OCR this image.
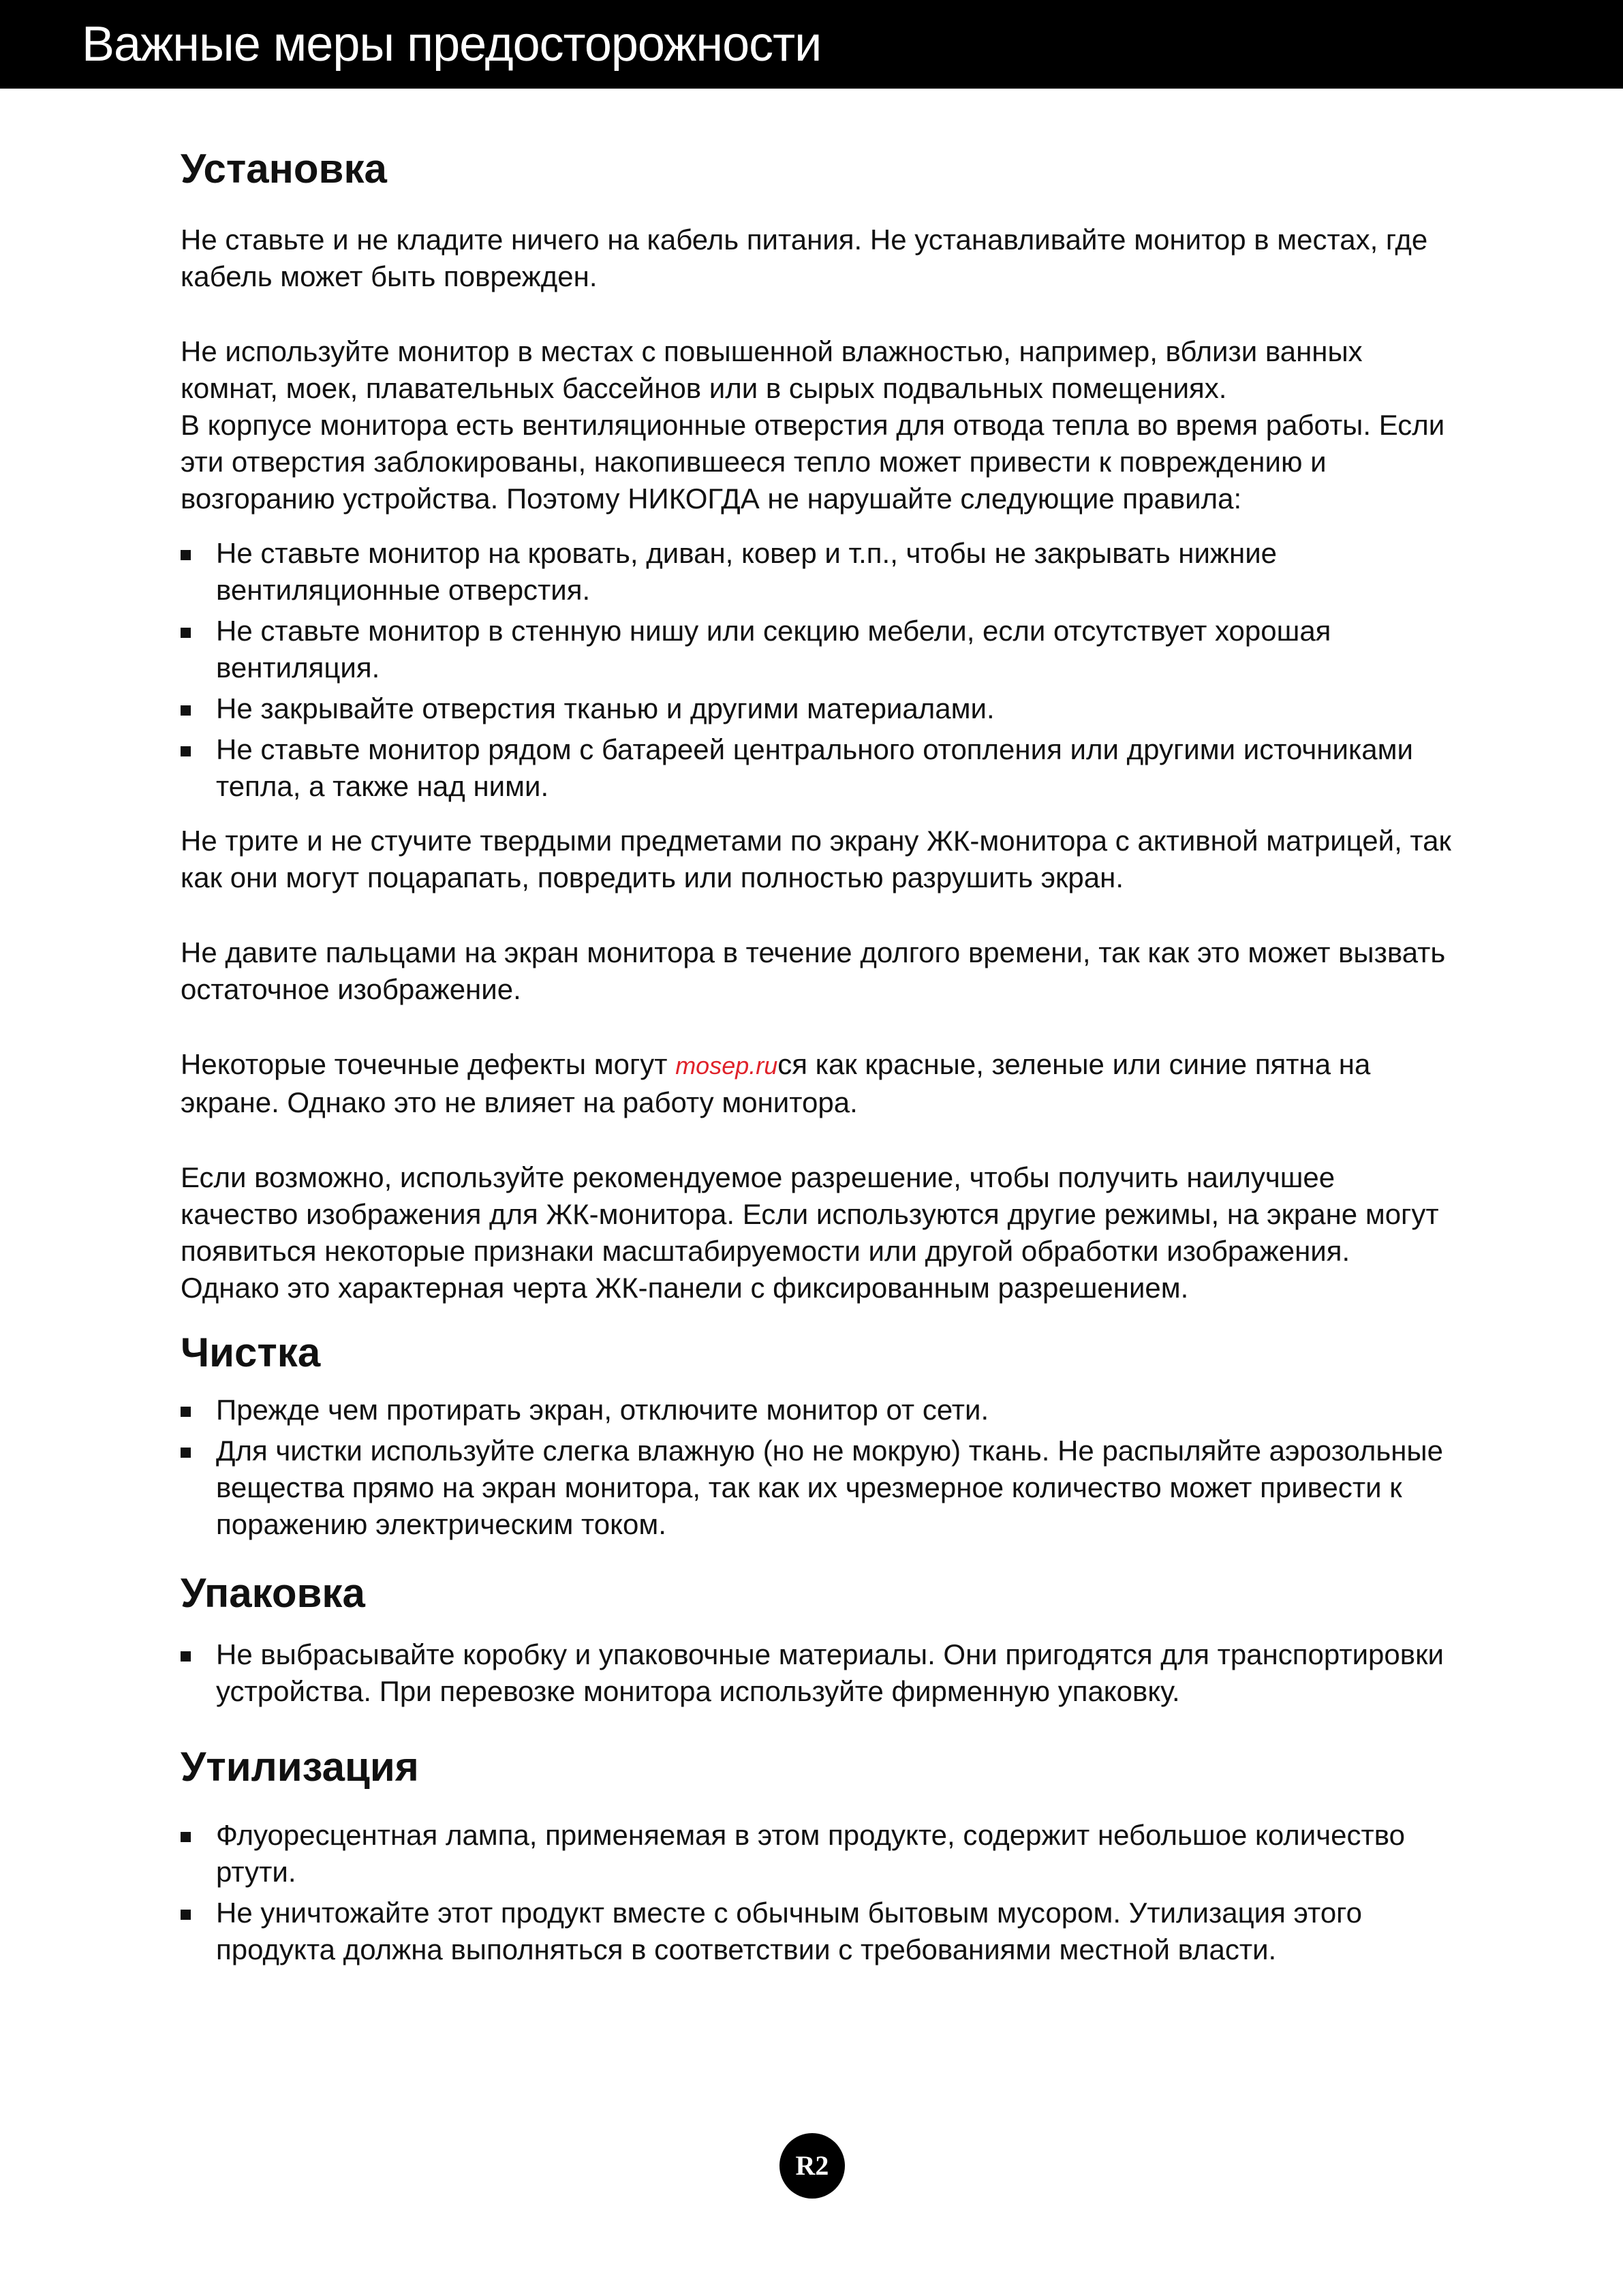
Важные меры предосторожности
Установка

Не ставьте и не кладите ничего на кабель питания. Не устанавливайте монитор в местах, где кабель может быть поврежден.

Не используйте монитор в местах с повышенной влажностью, например, вблизи ванных комнат, моек, плавательных бассейнов или в сырых подвальных помещениях.

В корпусе монитора есть вентиляционные отверстия для отвода тепла во время работы. Если эти отверстия заблокированы, накопившееся тепло может привести к повреждению и возгоранию устройства. Поэтому НИКОГДА не нарушайте следующие правила:

Не ставьте монитор на кровать, диван, ковер и т.п., чтобы не закрывать нижние вентиляционные отверстия.
Не ставьте монитор в стенную нишу или секцию мебели, если отсутствует хорошая вентиляция.
Не закрывайте отверстия тканью и другими материалами.
Не ставьте монитор рядом с батареей центрального отопления или другими источниками тепла, а также над ними.

Не трите и не стучите твердыми предметами по экрану ЖК-монитора с активной матрицей, так как они могут поцарапать, повредить или полностью разрушить экран.

Не давите пальцами на экран монитора в течение долгого времени, так как это может вызвать остаточное изображение.

Некоторые точечные дефекты могут mosep.ruся как красные, зеленые или синие пятна на экране. Однако это не влияет на работу монитора.

Если возможно, используйте рекомендуемое разрешение, чтобы получить наилучшее качество изображения для ЖК-монитора. Если используются другие режимы, на экране могут появиться некоторые признаки масштабируемости или другой обработки изображения. Однако это характерная черта ЖК-панели с фиксированным разрешением.

Чистка
Прежде чем протирать экран, отключите монитор от сети.
Для чистки используйте слегка влажную (но не мокрую) ткань. Не распыляйте аэрозольные вещества прямо на экран монитора, так как их чрезмерное количество может привести к поражению электрическим током.
Упаковка
Не выбрасывайте коробку и упаковочные материалы. Они пригодятся для транспортировки устройства. При перевозке монитора используйте фирменную упаковку.
Утилизация
Флуоресцентная лампа, применяемая в этом продукте, содержит небольшое количество ртути.
Не уничтожайте этот продукт вместе с обычным бытовым мусором. Утилизация этого продукта должна выполняться в соответствии с требованиями местной власти.
R2
